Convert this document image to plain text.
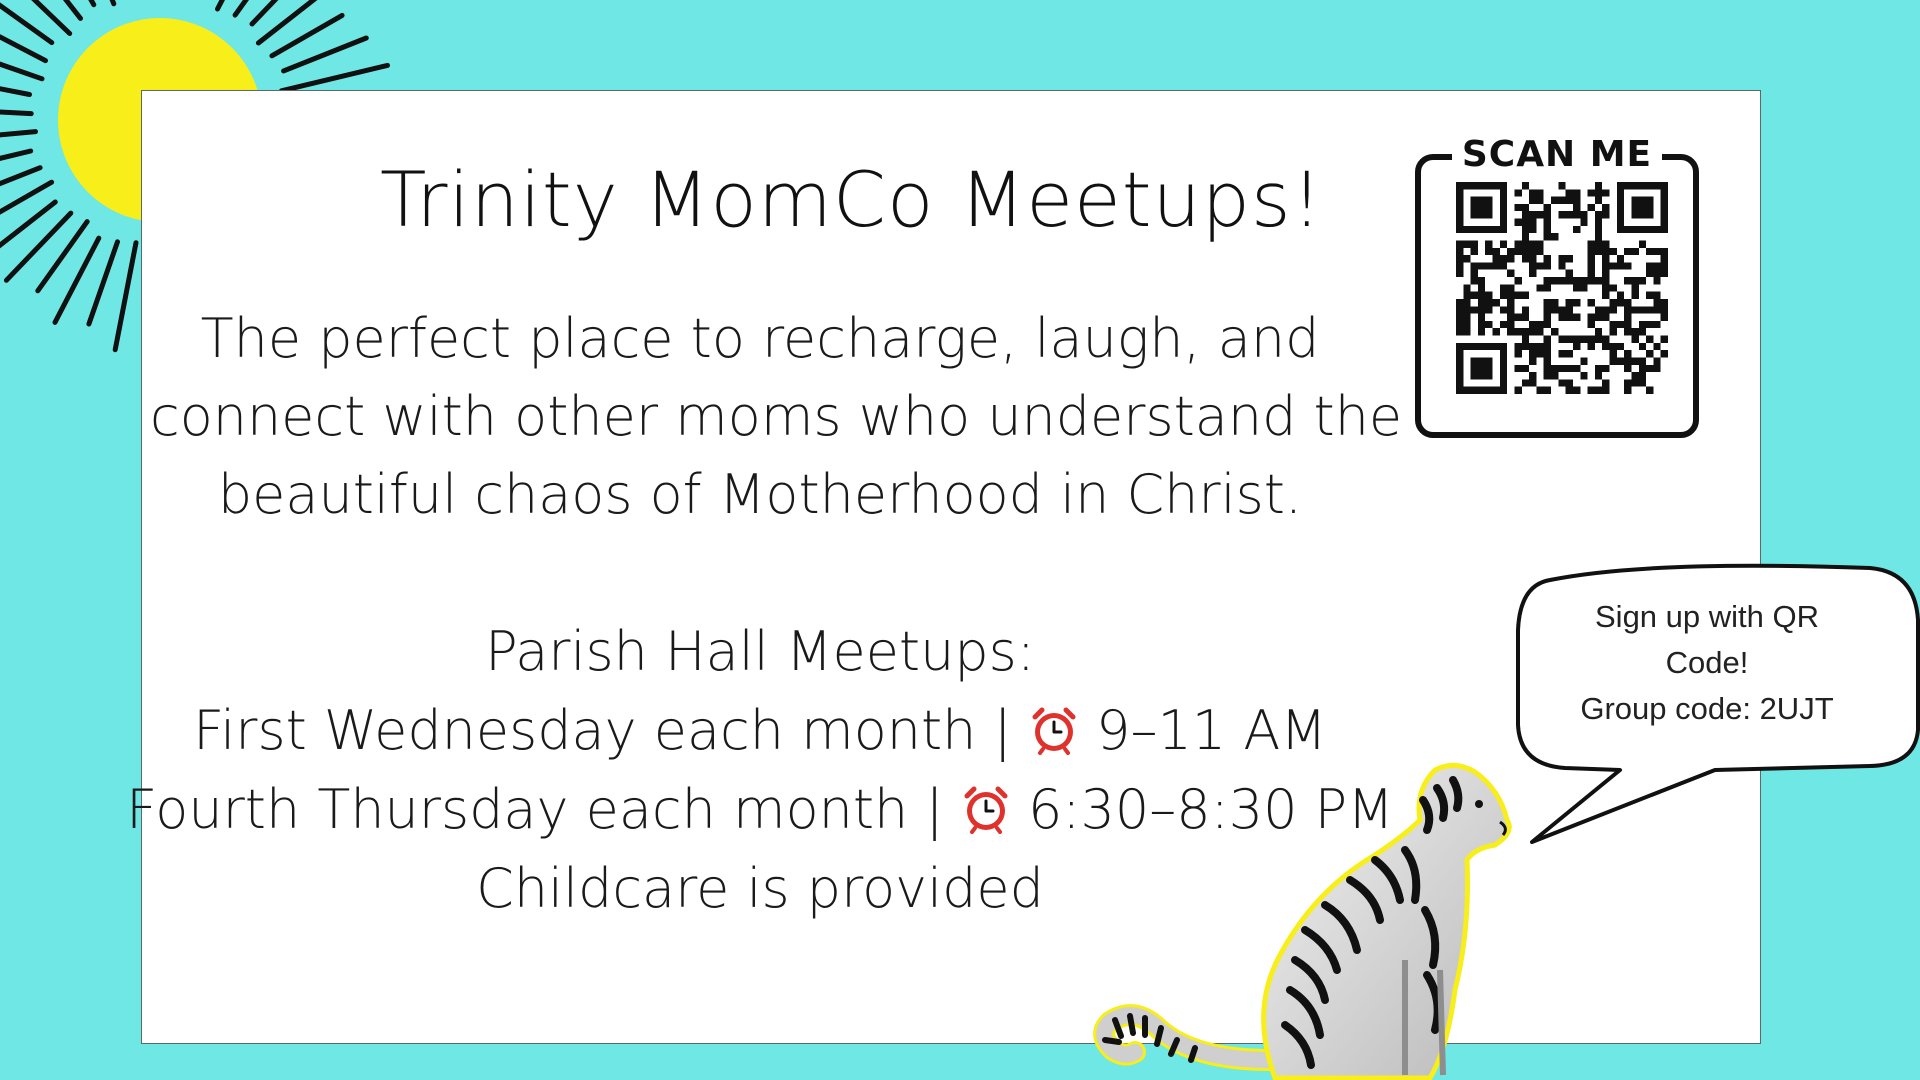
Trinity MomCo Meetups!
The perfect place to recharge, laugh, and
connect with other moms who understand the
beautiful chaos of Motherhood in Christ.
Parish Hall Meetups:
First Wednesday each month | 9–11 AM
Fourth Thursday each month | 6:30–8:30 PM
Childcare is provided
SCAN ME
Sign up with QR
Code!
Group code: 2UJT
